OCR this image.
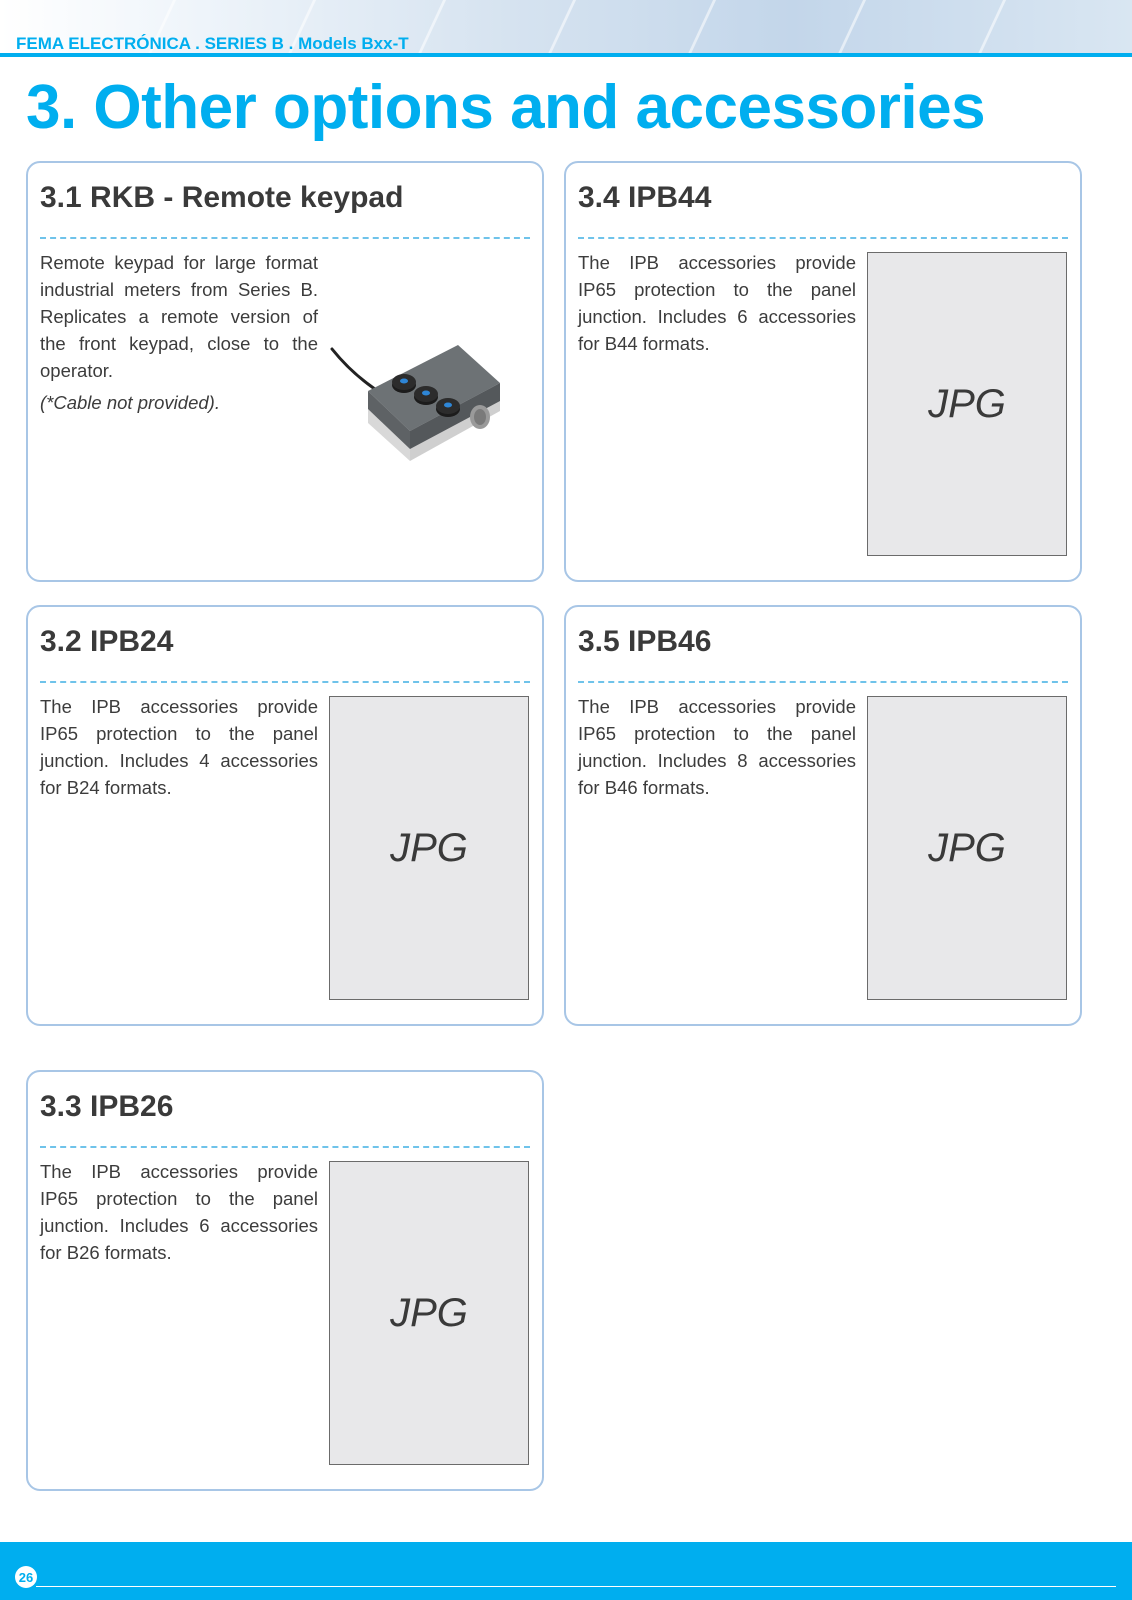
FEMA ELECTRÓNICA . SERIES B . Models Bxx-T
3. Other options and accessories
3.1 RKB - Remote keypad

Remote keypad for large format industrial meters from Series B. Replicates a remote version of the front keypad, close to the operator.

(*Cable not provided).

3.4 IPB44

The IPB accessories provide IP65 protection to the panel junction. Includes 6 accessories for B44 formats.

JPG
3.2 IPB24

The IPB accessories provide IP65 protection to the panel junction. Includes 4 accessories for B24 formats.

JPG
3.5 IPB46

The IPB accessories provide IP65 protection to the panel junction. Includes 8 accessories for B46 formats.

JPG
3.3 IPB26

The IPB accessories provide IP65 protection to the panel junction. Includes 6 accessories for B26 formats.

JPG
26
